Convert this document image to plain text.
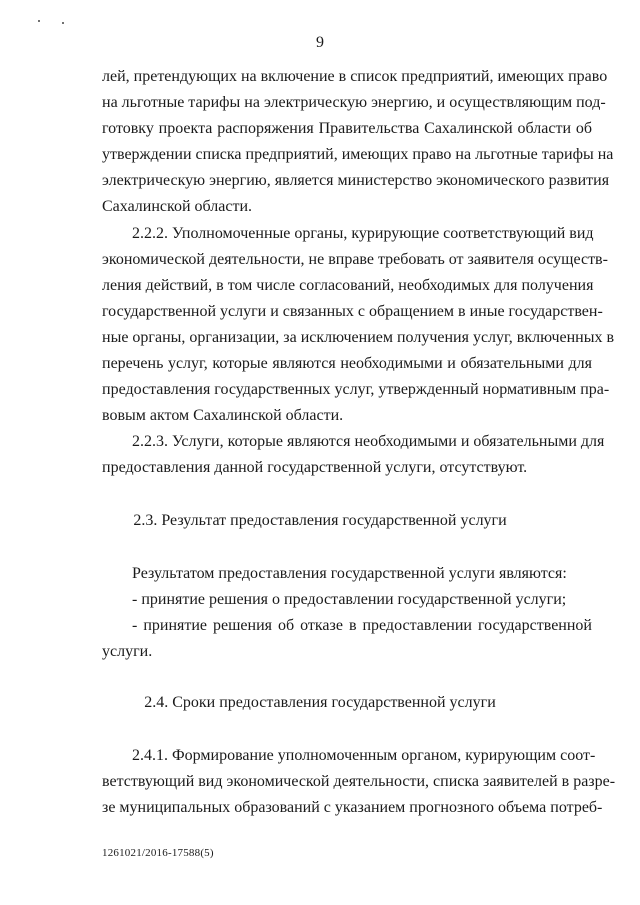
9
лей, претендующих на включение в список предприятий, имеющих право
на льготные тарифы на электрическую энергию, и осуществляющим под-
готовку проекта распоряжения Правительства Сахалинской области об
утверждении списка предприятий, имеющих право на льготные тарифы на
электрическую энергию, является министерство экономического развития
Сахалинской области.
2.2.2. Уполномоченные органы, курирующие соответствующий вид
экономической деятельности, не вправе требовать от заявителя осуществ-
ления действий, в том числе согласований, необходимых для получения
государственной услуги и связанных с обращением в иные государствен-
ные органы, организации, за исключением получения услуг, включенных в
перечень услуг, которые являются необходимыми и обязательными для
предоставления государственных услуг, утвержденный нормативным пра-
вовым актом Сахалинской области.
2.2.3. Услуги, которые являются необходимыми и обязательными для
предоставления данной государственной услуги, отсутствуют.
2.3. Результат предоставления государственной услуги
Результатом предоставления государственной услуги являются:
- принятие решения о предоставлении государственной услуги;
- принятие решения об отказе в предоставлении государственной
услуги.
2.4. Сроки предоставления государственной услуги
2.4.1. Формирование уполномоченным органом, курирующим соот-
ветствующий вид экономической деятельности, списка заявителей в разре-
зе муниципальных образований с указанием прогнозного объема потреб-
1261021/2016-17588(5)
